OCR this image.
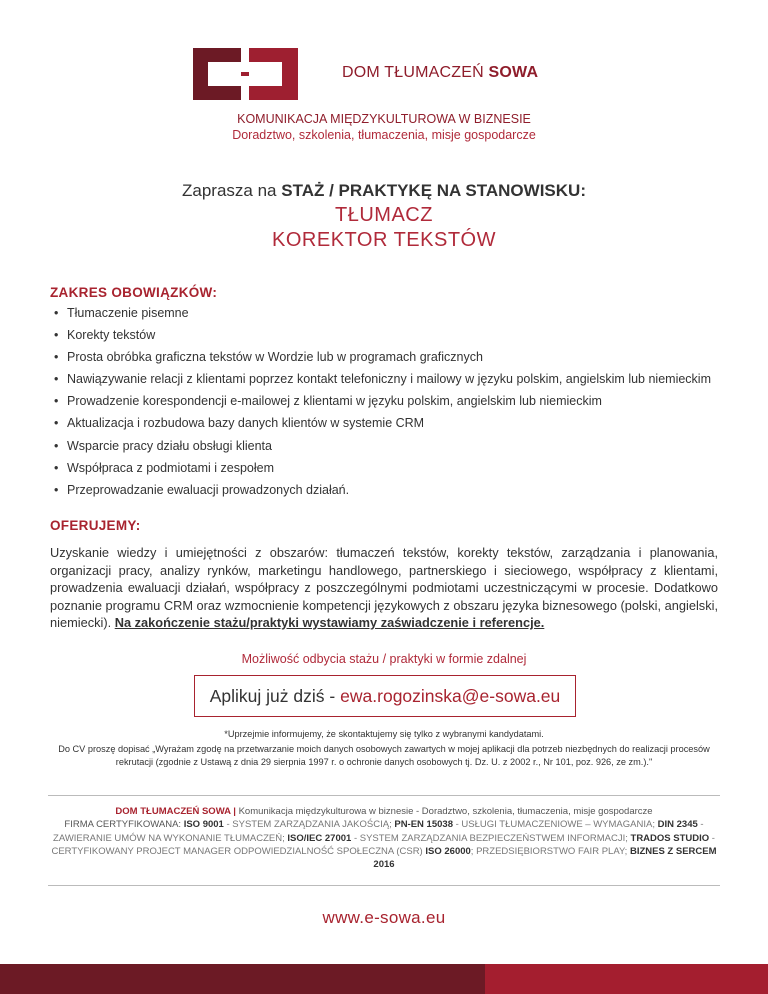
DOM TŁUMACZEŃ SOWA
KOMUNIKACJA MIĘDZYKULTUROWA W BIZNESIE
Doradztwo, szkolenia, tłumaczenia, misje gospodarcze
Zaprasza na STAŻ / PRAKTYKĘ NA STANOWISKU:
TŁUMACZ
KOREKTOR TEKSTÓW
ZAKRES OBOWIĄZKÓW:
• Tłumaczenie pisemne
• Korekty tekstów
• Prosta obróbka graficzna tekstów w Wordzie lub w programach graficznych
• Nawiązywanie relacji z klientami poprzez kontakt telefoniczny i mailowy w języku polskim, angielskim lub niemieckim
• Prowadzenie korespondencji e-mailowej z klientami w języku polskim, angielskim lub niemieckim
• Aktualizacja i rozbudowa bazy danych klientów w systemie CRM
• Wsparcie pracy działu obsługi klienta
• Współpraca z podmiotami i zespołem
• Przeprowadzanie ewaluacji prowadzonych działań.
OFERUJEMY:
Uzyskanie wiedzy i umiejętności z obszarów: tłumaczeń tekstów, korekty tekstów, zarządzania i planowania, organizacji pracy, analizy rynków, marketingu handlowego, partnerskiego i sieciowego, współpracy z klientami, prowadzenia ewaluacji działań, współpracy z poszczególnymi podmiotami uczestniczącymi w procesie. Dodatkowo poznanie programu CRM oraz wzmocnienie kompetencji językowych z obszaru języka biznesowego (polski, angielski, niemiecki). Na zakończenie stażu/praktyki wystawiamy zaświadczenie i referencje.
Możliwość odbycia stażu / praktyki w formie zdalnej
Aplikuj już dziś - ewa.rogozinska@e-sowa.eu
*Uprzejmie informujemy, że skontaktujemy się tylko z wybranymi kandydatami.
Do CV proszę dopisać „Wyrażam zgodę na przetwarzanie moich danych osobowych zawartych w mojej aplikacji dla potrzeb niezbędnych do realizacji procesów rekrutacji (zgodnie z Ustawą z dnia 29 sierpnia 1997 r. o ochronie danych osobowych tj. Dz. U. z 2002 r., Nr 101, poz. 926, ze zm.)."
DOM TŁUMACZEŃ SOWA | Komunikacja międzykulturowa w biznesie - Doradztwo, szkolenia, tłumaczenia, misje gospodarcze
FIRMA CERTYFIKOWANA: ISO 9001 - SYSTEM ZARZĄDZANIA JAKOŚCIĄ; PN-EN 15038 - USŁUGI TŁUMACZENIOWE – WYMAGANIA; DIN 2345 - ZAWIERANIE UMÓW NA WYKONANIE TŁUMACZEŃ; ISO/IEC 27001 - SYSTEM ZARZĄDZANIA BEZPIECZEŃSTWEM INFORMACJI; TRADOS STUDIO - CERTYFIKOWANY PROJECT MANAGER ODPOWIEDZIALNOŚĆ SPOŁECZNA (CSR) ISO 26000; PRZEDSIĘBIORSTWO FAIR PLAY; BIZNES Z SERCEM 2016
www.e-sowa.eu
